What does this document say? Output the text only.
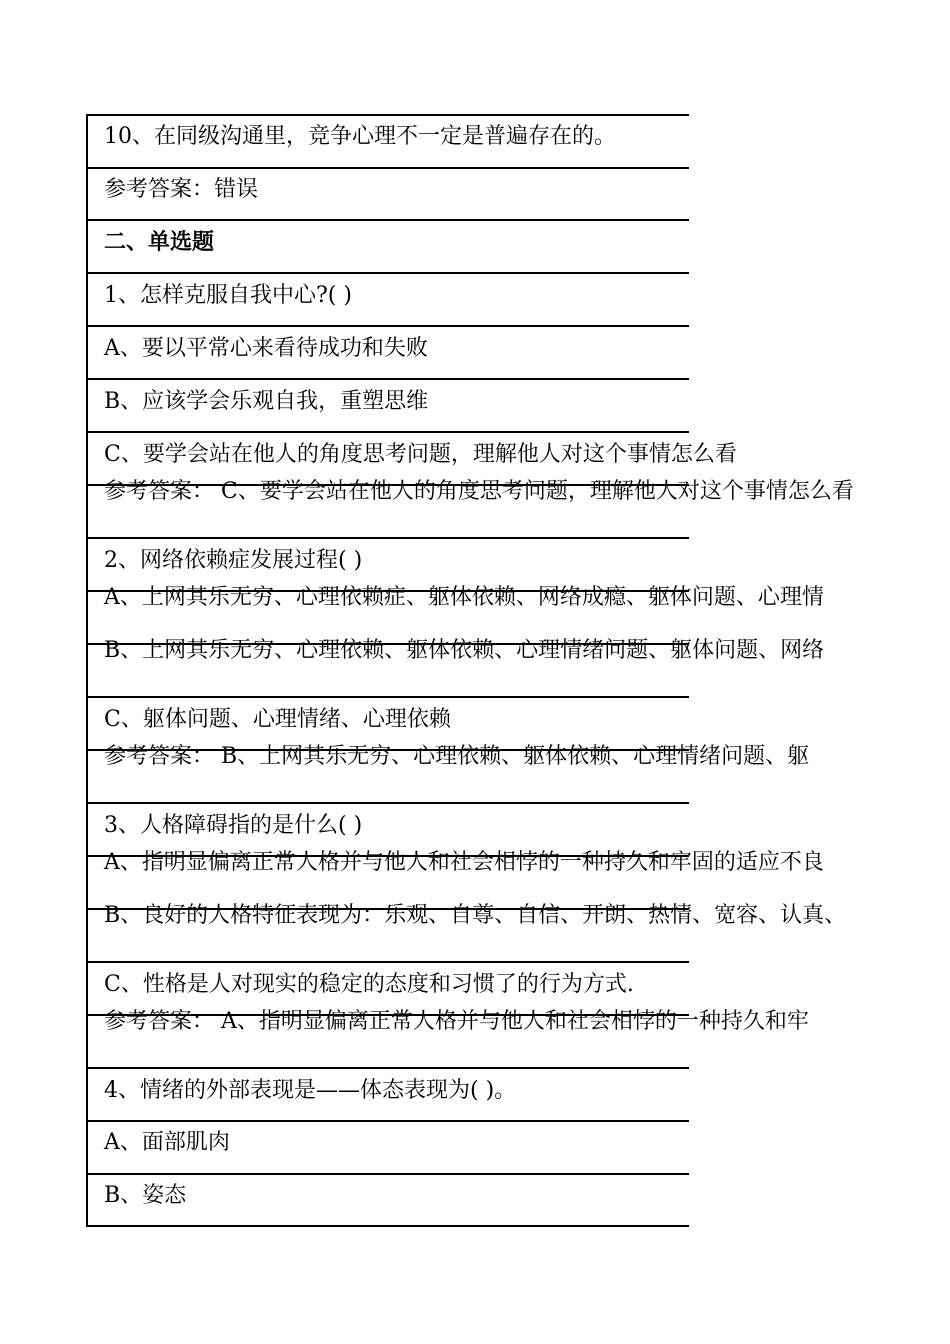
10、在同级沟通里，竞争心理不一定是普遍存在的。
参考答案：错误
二、单选题
1、怎样克服自我中心?( )
A、要以平常心来看待成功和失败
B、应该学会乐观自我，重塑思维
C、要学会站在他人的角度思考问题，理解他人对这个事情怎么看
参考答案： C、要学会站在他人的角度思考问题，理解他人对这个事情怎么看
2、网络依赖症发展过程( )
A、上网其乐无穷、心理依赖症、躯体依赖、网络成瘾、躯体问题、心理情
B、上网其乐无穷、心理依赖、躯体依赖、心理情绪问题、躯体问题、网络
C、躯体问题、心理情绪、心理依赖
参考答案： B、上网其乐无穷、心理依赖、躯体依赖、心理情绪问题、躯
3、人格障碍指的是什么( )
A、指明显偏离正常人格并与他人和社会相悖的一种持久和牢固的适应不良
B、良好的人格特征表现为：乐观、自尊、自信、开朗、热情、宽容、认真、
C、性格是人对现实的稳定的态度和习惯了的行为方式.
参考答案： A、指明显偏离正常人格并与他人和社会相悖的一种持久和牢
4、情绪的外部表现是——体态表现为( )。
A、面部肌肉
B、姿态
